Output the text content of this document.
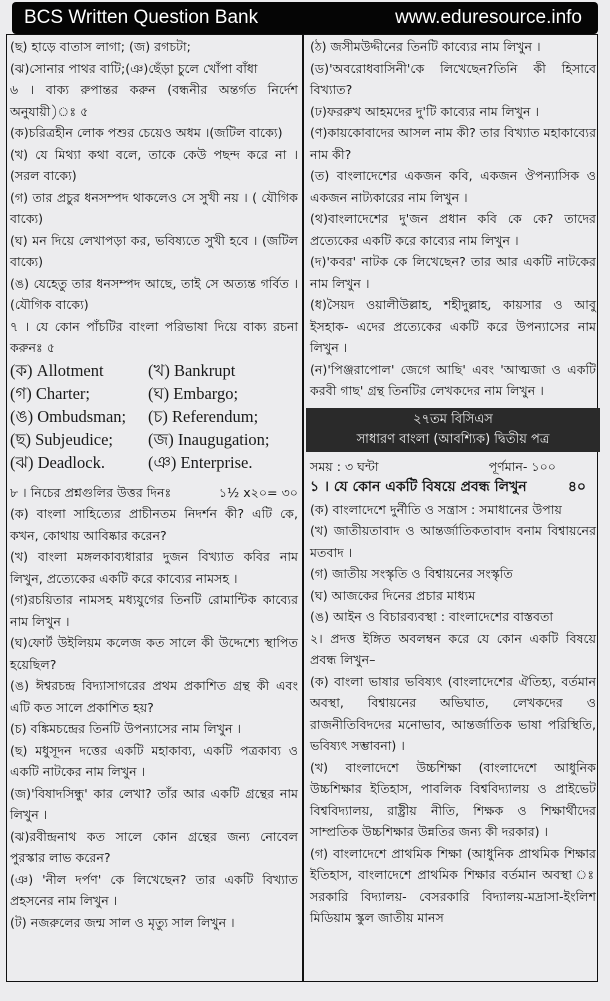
BCS Written Question Bank	www.eduresource.info
(ছ) হাড়ে বাতাস লাগা; (জ) রগচটা;
(ঝ)সোনার পাথর বাটি;(ঞ)ছেঁড়া চুলে খোঁপা বাঁধা
৬ । বাক্য রুপান্তর করুন (বন্ধনীর অন্তর্গত নির্দেশ অনুযায়ী)ঃ ৫
(ক)চরিত্রহীন লোক পশুর চেয়েও অধম ।(জটিল বাক্যে)
(খ) যে মিথ্যা কথা বলে, তাকে কেউ পছন্দ করে না । (সরল বাক্যে)
(গ) তার প্রচুর ধনসম্পদ থাকলেও সে সুখী নয় । ( যৌগিক বাক্যে)
(ঘ) মন দিয়ে লেখাপড়া কর, ভবিষ্যতে সুখী হবে । (জটিল বাক্যে)
(ঙ) যেহেতু তার ধনসম্পদ আছে, তাই সে অত্যন্ত গর্বিত । (যৌগিক বাক্যে)
৭ । যে কোন পাঁচটির বাংলা পরিভাষা দিয়ে বাক্য রচনা করুনঃ ৫
(ক) Allotment	(খ) Bankrupt
(গ) Charter;	(ঘ) Embargo;
(ঙ) Ombudsman;	(চ) Referendum;
(ছ) Subjeudice;	(জ) Inaugugation;
(ঝ) Deadlock.	(ঞ) Enterprise.
৮ । নিচের প্রশ্নগুলির উত্তর দিনঃ	১½ x২০= ৩০
(ক) বাংলা সাহিত্যের প্রাচীনতম নিদর্শন কী? এটি কে, কখন, কোথায় আবিষ্কার করেন?
(খ) বাংলা মঙ্গলকাব্যধারার দুজন বিখ্যাত কবির নাম লিখুন, প্রত্যেকের একটি করে কাব্যের নামসহ ।
(গ)রচয়িতার নামসহ মধ্যযুগের তিনটি রোমান্টিক কাব্যের নাম লিখুন ।
(ঘ)ফোর্ট উইলিয়ম কলেজ কত সালে কী উদ্দেশ্যে স্থাপিত হয়েছিল?
(ঙ) ঈশ্বরচন্দ্র বিদ্যাসাগরের প্রথম প্রকাশিত গ্রন্থ কী এবং এটি কত সালে প্রকাশিত হয়?
(চ) বঙ্কিমচন্দ্রের তিনটি উপন্যাসের নাম লিখুন ।
(ছ) মধুসূদন দত্তের একটি মহাকাব্য, একটি পত্রকাব্য ও একটি নাটকের নাম লিখুন ।
(জ)'বিষাদসিন্ধু' কার লেখা? তাঁর আর একটি গ্রন্থের নাম লিখুন ।
(ঝ)রবীন্দ্রনাথ কত সালে কোন গ্রন্থের জন্য নোবেল পুরস্কার লাভ করেন?
(ঞ) 'নীল দর্পণ' কে লিখেছেন? তার একটি বিখ্যাত প্রহসনের নাম লিখুন ।
(ট) নজরুলের জন্ম সাল ও মৃত্যু সাল লিখুন ।
(ঠ) জসীমউদ্দীনের তিনটি কাব্যের নাম লিখুন ।
(ড)'অবরোধবাসিনী'কে লিখেছেন?তিনি কী হিসাবে বিখ্যাত?
(ঢ)ফররুখ আহমদের দু'টি কাব্যের নাম লিখুন ।
(ণ)কায়কোবাদের আসল নাম কী? তার বিখ্যাত মহাকাব্যের নাম কী?
(ত) বাংলাদেশের একজন কবি, একজন ঔপন্যাসিক ও একজন নাট্যকারের নাম লিখুন ।
(থ)বাংলাদেশের দু'জন প্রধান কবি কে কে? তাদের প্রত্যেকের একটি করে কাব্যের নাম লিখুন ।
(দ)'কবর' নাটক কে লিখেছেন? তার আর একটি নাটকের নাম লিখুন ।
(ধ)সৈয়দ ওয়ালীউল্লাহ, শহীদুল্লাহ, কায়সার ও আবু ইসহাক- এদের প্রত্যেকের একটি করে উপন্যাসের নাম লিখুন ।
(ন)'পিঞ্জরাপোল' জেগে আছি' এবং 'আত্মজা ও একটি করবী গাছ' গ্রন্থ তিনটির লেখকদের নাম লিখুন ।
২৭তম বিসিএস
সাধারণ বাংলা (আবশ্যিক) দ্বিতীয় পত্র
সময় : ৩ ঘন্টা	পূর্ণমান- ১০০
১ । যে কোন একটি বিষয়ে প্রবন্ধ লিখুন	৪০
(ক) বাংলাদেশে দুর্নীতি ও সন্ত্রাস : সমাধানের উপায়
(খ) জাতীয়তাবাদ ও আন্তর্জাতিকতাবাদ বনাম বিশ্বায়নের মতবাদ ।
(গ) জাতীয় সংস্কৃতি ও বিশ্বায়নের সংস্কৃতি
(ঘ) আজকের দিনের প্রচার মাধ্যম
(ঙ) আইন ও বিচারব্যবস্থা : বাংলাদেশের বাস্তবতা
২। প্রদত্ত ইঙ্গিত অবলম্বন করে যে কোন একটি বিষয়ে প্রবন্ধ লিখুন–
(ক) বাংলা ভাষার ভবিষ্যৎ (বাংলাদেশের ঐতিহ্য, বর্তমান অবস্থা, বিশ্বায়নের অভিঘাত, লেখকদের ও রাজনীতিবিদদের মনোভাব, আন্তর্জাতিক ভাষা পরিস্থিতি, ভবিষ্যৎ সম্ভাবনা) ।
(খ) বাংলাদেশে উচ্চশিক্ষা (বাংলাদেশে আধুনিক উচ্চশিক্ষার ইতিহাস, পাবলিক বিশ্ববিদ্যালয় ও প্রাইভেট বিশ্ববিদ্যালয়, রাষ্ট্রীয় নীতি, শিক্ষক ও শিক্ষার্থীদের সাম্প্রতিক উচ্চশিক্ষার উন্নতির জন্য কী দরকার) ।
(গ) বাংলাদেশে প্রাথমিক শিক্ষা (আধুনিক প্রাথমিক শিক্ষার ইতিহাস, বাংলাদেশে প্রাথমিক শিক্ষার বর্তমান অবস্থা ঃ সরকারি বিদ্যালয়- বেসরকারি বিদ্যালয়-মদ্রাসা-ইংলিশ মিডিয়াম স্কুল জাতীয় মানস
